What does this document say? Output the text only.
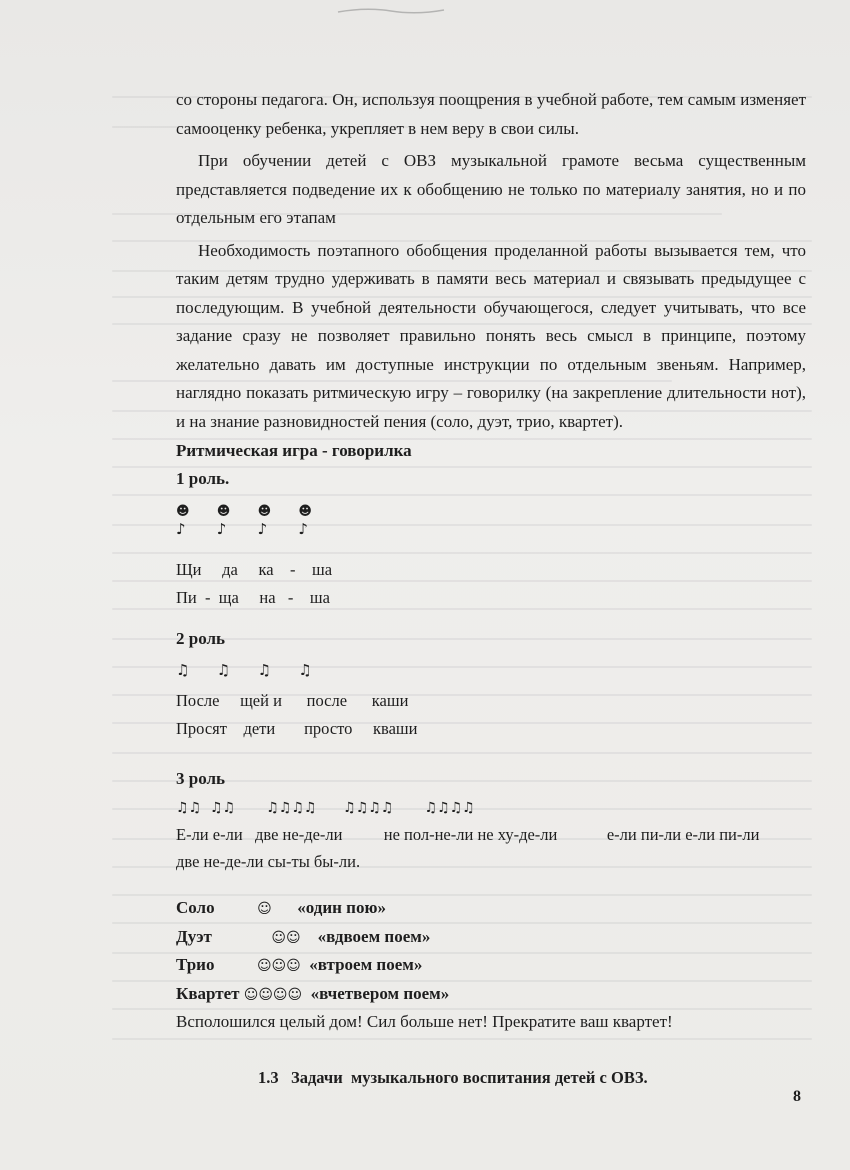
со стороны педагога. Он, используя поощрения в учебной работе, тем самым изменяет самооценку ребенка, укрепляет в нем веру в свои силы.

При обучении детей с ОВЗ музыкальной грамоте весьма существенным представляется подведение их к обобщению не только по материалу занятия, но и по отдельным его этапам

Необходимость поэтапного обобщения проделанной работы вызывается тем, что таким детям трудно удерживать в памяти весь материал и связывать предыдущее с последующим. В учебной деятельности обучающегося, следует учитывать, что все задание сразу не позволяет правильно понять весь смысл в принципе, поэтому желательно давать им доступные инструкции по отдельным звеньям. Например, наглядно показать ритмическую игру – говорилку (на закрепление длительности нот), и на знание разновидностей пения (соло, дуэт, трио, квартет).

Ритмическая игра - говорилка

1 роль.

☻ ☻ ☻ ☻
♪ ♪ ♪ ♪

Щи     да     ка    -    ша

Пи  -  ща     на   -    ша

2 роль

♫ ♫ ♫ ♫

После     щей и      после      каши

Просят    дети       просто     кваши

3 роль

♫♫  ♫♫       ♫♫♫♫      ♫♫♫♫       ♫♫♫♫

Е-ли е-ли   две не-де-ли          не пол-не-ли не ху-де-ли            е-ли пи-ли е-ли пи-ли

две не-де-ли сы-ты бы-ли.

Соло	☺ «один пою»

Дуэт	☺☺ «вдвоем поем»

Трио	☺☺☺ «втроем поем»

Квартет ☺☺☺☺ «вчетвером поем»

Всполошился целый дом! Сил больше нет! Прекратите ваш квартет!

1.3   Задачи  музыкального воспитания детей с ОВЗ.

8
